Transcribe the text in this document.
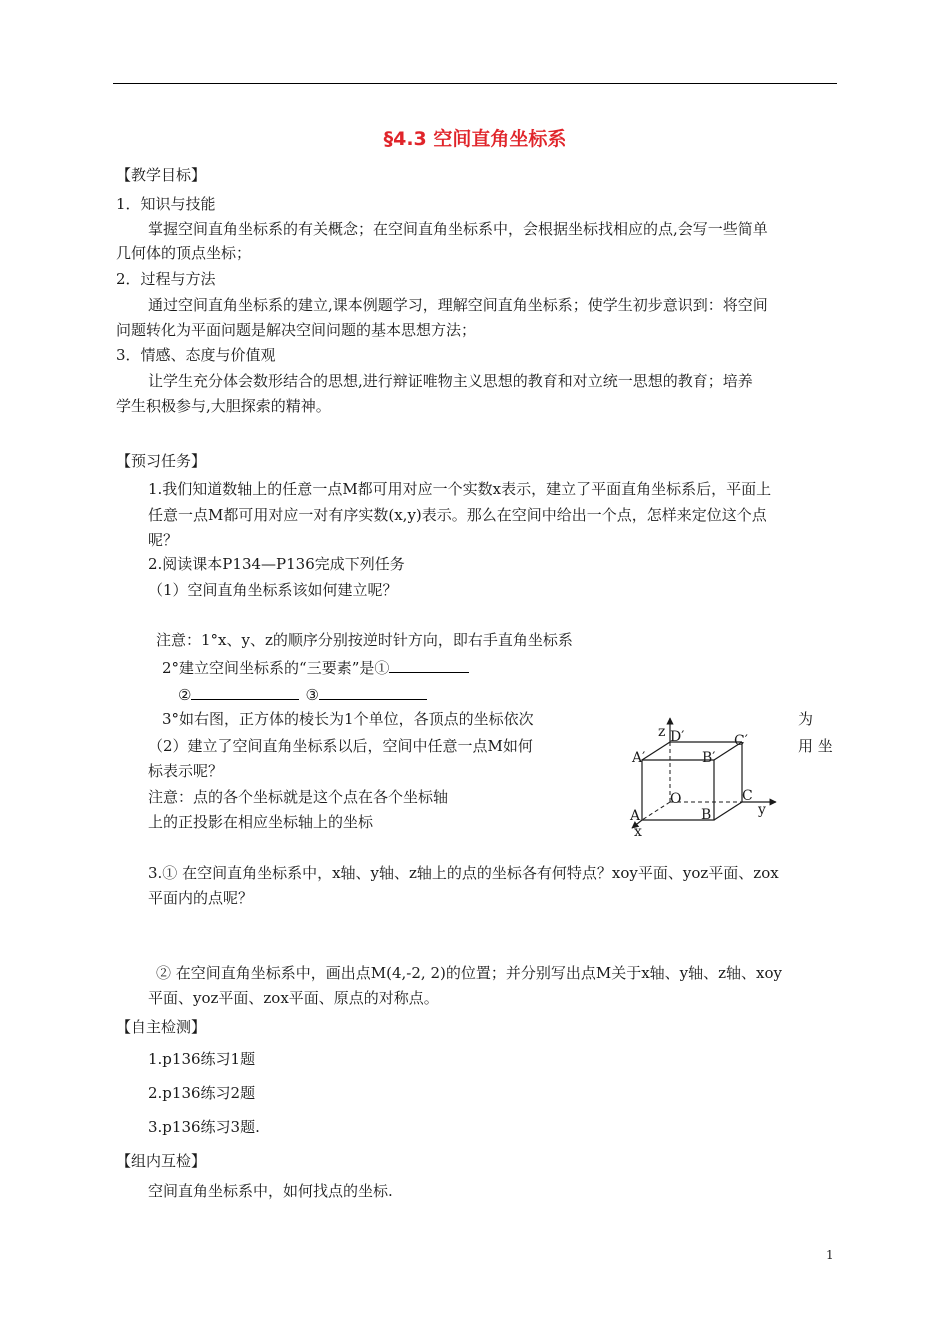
§4.3 空间直角坐标系
【教学目标】
1．知识与技能
掌握空间直角坐标系的有关概念；在空间直角坐标系中，会根据坐标找相应的点,会写一些简单
几何体的顶点坐标；
2．过程与方法
通过空间直角坐标系的建立,课本例题学习，理解空间直角坐标系；使学生初步意识到：将空间
问题转化为平面问题是解决空间问题的基本思想方法；
3．情感、态度与价值观
让学生充分体会数形结合的思想,进行辩证唯物主义思想的教育和对立统一思想的教育；培养
学生积极参与,大胆探索的精神。
【预习任务】
1.我们知道数轴上的任意一点M都可用对应一个实数x表示，建立了平面直角坐标系后，平面上
任意一点M都可用对应一对有序实数(x,y)表示。那么在空间中给出一个点，怎样来定位这个点
呢？
2.阅读课本P134—P136完成下列任务
（1）空间直角坐标系该如何建立呢？
注意：1°x、y、z的顺序分别按逆时针方向，即右手直角坐标系
2°建立空间坐标系的“三要素”是①
②	③
3°如右图，正方体的棱长为1个单位，各顶点的坐标依次	为
（2）建立了空间直角坐标系以后，空间中任意一点M如何	用 坐
标表示呢？
注意：点的各个坐标就是这个点在各个坐标轴
上的正投影在相应坐标轴上的坐标
z D′	C′
A′	B′
O	C
y
B
A
x
3.① 在空间直角坐标系中，x轴、y轴、z轴上的点的坐标各有何特点？xoy平面、yoz平面、zox
平面内的点呢？
② 在空间直角坐标系中，画出点M(4,-2, 2)的位置；并分别写出点M关于x轴、y轴、z轴、xoy
平面、yoz平面、zox平面、原点的对称点。
【自主检测】
1.p136练习1题
2.p136练习2题
3.p136练习3题.
【组内互检】
空间直角坐标系中，如何找点的坐标.
1
